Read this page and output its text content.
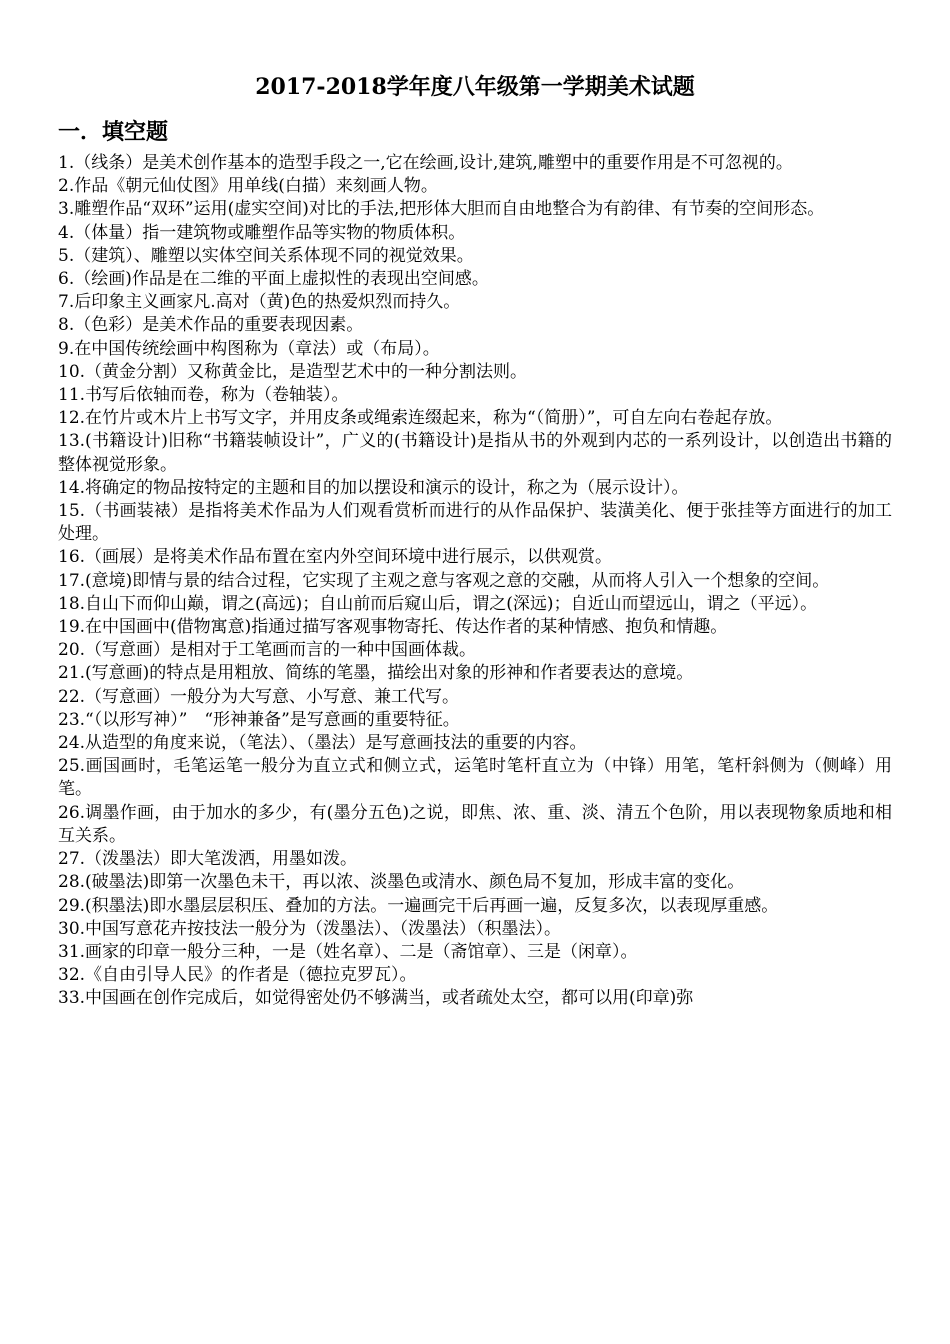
2017-2018学年度八年级第一学期美术试题
一．填空题
1.（线条）是美术创作基本的造型手段之一,它在绘画,设计,建筑,雕塑中的重要作用是不可忽视的。
2.作品《朝元仙仗图》用单线(白描）来刻画人物。
3.雕塑作品“双环”运用(虚实空间)对比的手法,把形体大胆而自由地整合为有韵律、有节奏的空间形态。
4.（体量）指一建筑物或雕塑作品等实物的物质体积。
5.（建筑）、雕塑以实体空间关系体现不同的视觉效果。
6.（绘画)作品是在二维的平面上虚拟性的表现出空间感。
7.后印象主义画家凡.高对（黄)色的热爱炽烈而持久。
8.（色彩）是美术作品的重要表现因素。
9.在中国传统绘画中构图称为（章法）或（布局）。
10.（黄金分割）又称黄金比，是造型艺术中的一种分割法则。
11.书写后依轴而卷，称为（卷轴装）。
12.在竹片或木片上书写文字，并用皮条或绳索连缀起来，称为“（简册）”，可自左向右卷起存放。
13.(书籍设计)旧称“书籍装帧设计”，广义的(书籍设计)是指从书的外观到内芯的一系列设计，以创造出书籍的整体视觉形象。
14.将确定的物品按特定的主题和目的加以摆设和演示的设计，称之为（展示设计）。
15.（书画装裱）是指将美术作品为人们观看赏析而进行的从作品保护、装潢美化、便于张挂等方面进行的加工处理。
16.（画展）是将美术作品布置在室内外空间环境中进行展示，以供观赏。
17.(意境)即情与景的结合过程，它实现了主观之意与客观之意的交融，从而将人引入一个想象的空间。
18.自山下而仰山巅，谓之(高远)；自山前而后窥山后，谓之(深远)；自近山而望远山，谓之（平远）。
19.在中国画中(借物寓意)指通过描写客观事物寄托、传达作者的某种情感、抱负和情趣。
20.（写意画）是相对于工笔画而言的一种中国画体裁。
21.(写意画)的特点是用粗放、简练的笔墨，描绘出对象的形神和作者要表达的意境。
22.（写意画）一般分为大写意、小写意、兼工代写。
23.“（以形写神）”　“形神兼备”是写意画的重要特征。
24.从造型的角度来说，（笔法）、（墨法）是写意画技法的重要的内容。
25.画国画时，毛笔运笔一般分为直立式和侧立式，运笔时笔杆直立为（中锋）用笔，笔杆斜侧为（侧峰）用笔。
26.调墨作画，由于加水的多少，有(墨分五色)之说，即焦、浓、重、淡、清五个色阶，用以表现物象质地和相互关系。
27.（泼墨法）即大笔泼洒，用墨如泼。
28.(破墨法)即第一次墨色未干，再以浓、淡墨色或清水、颜色局不复加，形成丰富的变化。
29.(积墨法)即水墨层层积压、叠加的方法。一遍画完干后再画一遍，反复多次，以表现厚重感。
30.中国写意花卉按技法一般分为（泼墨法）、（泼墨法）（积墨法）。
31.画家的印章一般分三种，一是（姓名章）、二是（斋馆章）、三是（闲章）。
32.《自由引导人民》的作者是（德拉克罗瓦）。
33.中国画在创作完成后，如觉得密处仍不够满当，或者疏处太空，都可以用(印章)弥
